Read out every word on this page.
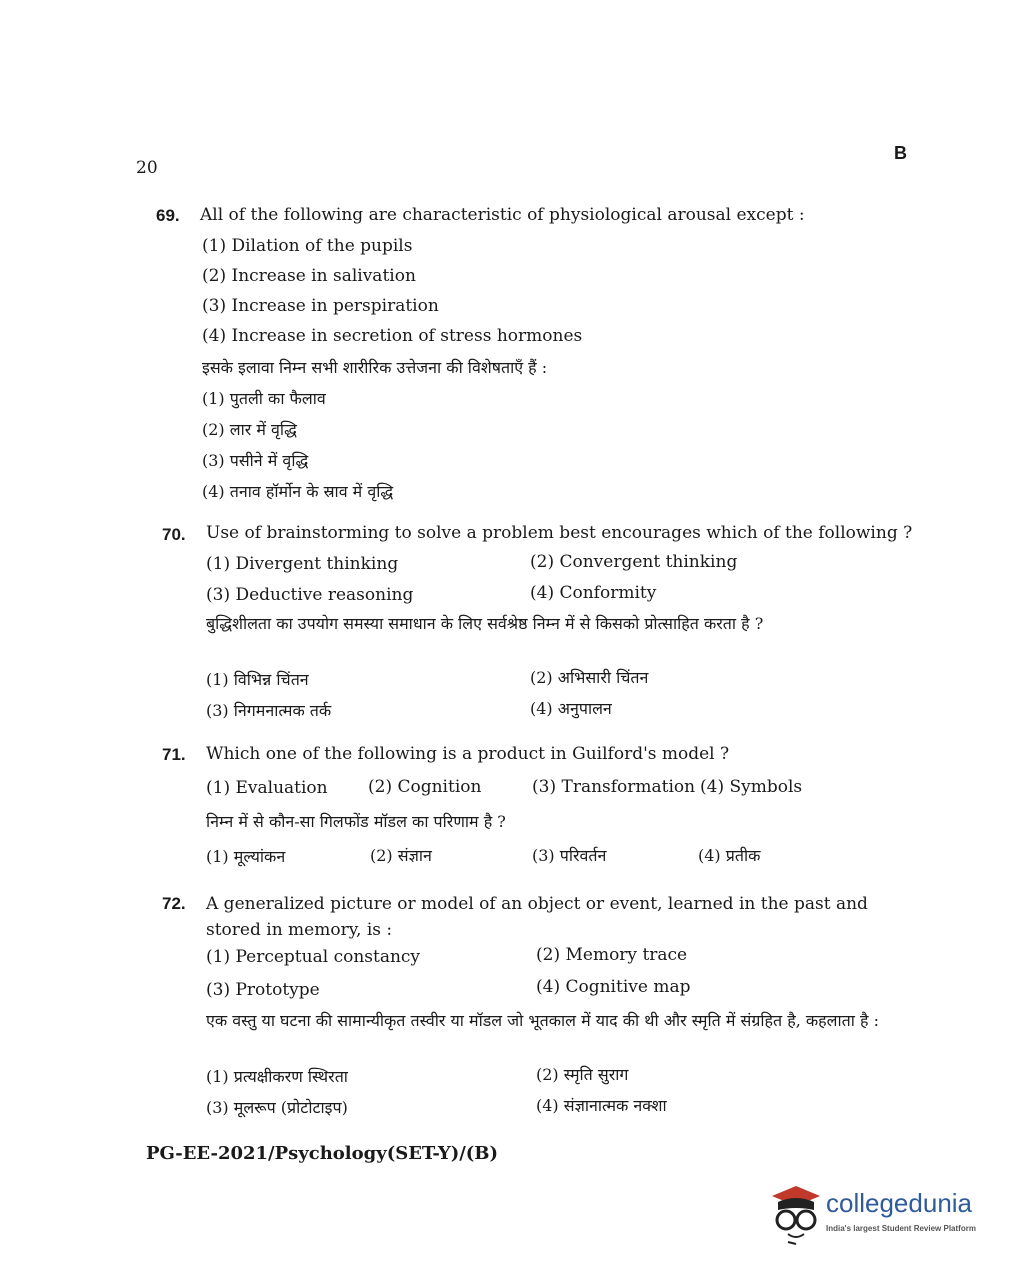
20
B
69. All of the following are characteristic of physiological arousal except :
(1) Dilation of the pupils
(2) Increase in salivation
(3) Increase in perspiration
(4) Increase in secretion of stress hormones
इसके इलावा निम्न सभी शारीरिक उत्तेजना की विशेषताएँ हैं :
(1) पुतली का फैलाव
(2) लार में वृद्धि
(3) पसीने में वृद्धि
(4) तनाव हॉर्मोन के स्राव में वृद्धि
70. Use of brainstorming to solve a problem best encourages which of the following ?
(1) Divergent thinking	(2) Convergent thinking
(3) Deductive reasoning	(4) Conformity
बुद्धिशीलता का उपयोग समस्या समाधान के लिए सर्वश्रेष्ठ निम्न में से किसको प्रोत्साहित करता है ?
(1) विभिन्न चिंतन	(2) अभिसारी चिंतन
(3) निगमनात्मक तर्क	(4) अनुपालन
71. Which one of the following is a product in Guilford's model ?
(1) Evaluation (2) Cognition	(3) Transformation (4) Symbols
निम्न में से कौन-सा गिलफोंड मॉडल का परिणाम है ?
(1) मूल्यांकन	(2) संज्ञान	(3) परिवर्तन	(4) प्रतीक
72. A generalized picture or model of an object or event, learned in the past and stored in memory, is :
(1) Perceptual constancy	(2) Memory trace
(3) Prototype	(4) Cognitive map
एक वस्तु या घटना की सामान्यीकृत तस्वीर या मॉडल जो भूतकाल में याद की थी और स्मृति में संग्रहित है, कहलाता है :
(1) प्रत्यक्षीकरण स्थिरता	(2) स्मृति सुराग
(3) मूलरूप (प्रोटोटाइप)	(4) संज्ञानात्मक नक्शा
PG-EE-2021/Psychology(SET-Y)/(B)
collegedunia
India's largest Student Review Platform
